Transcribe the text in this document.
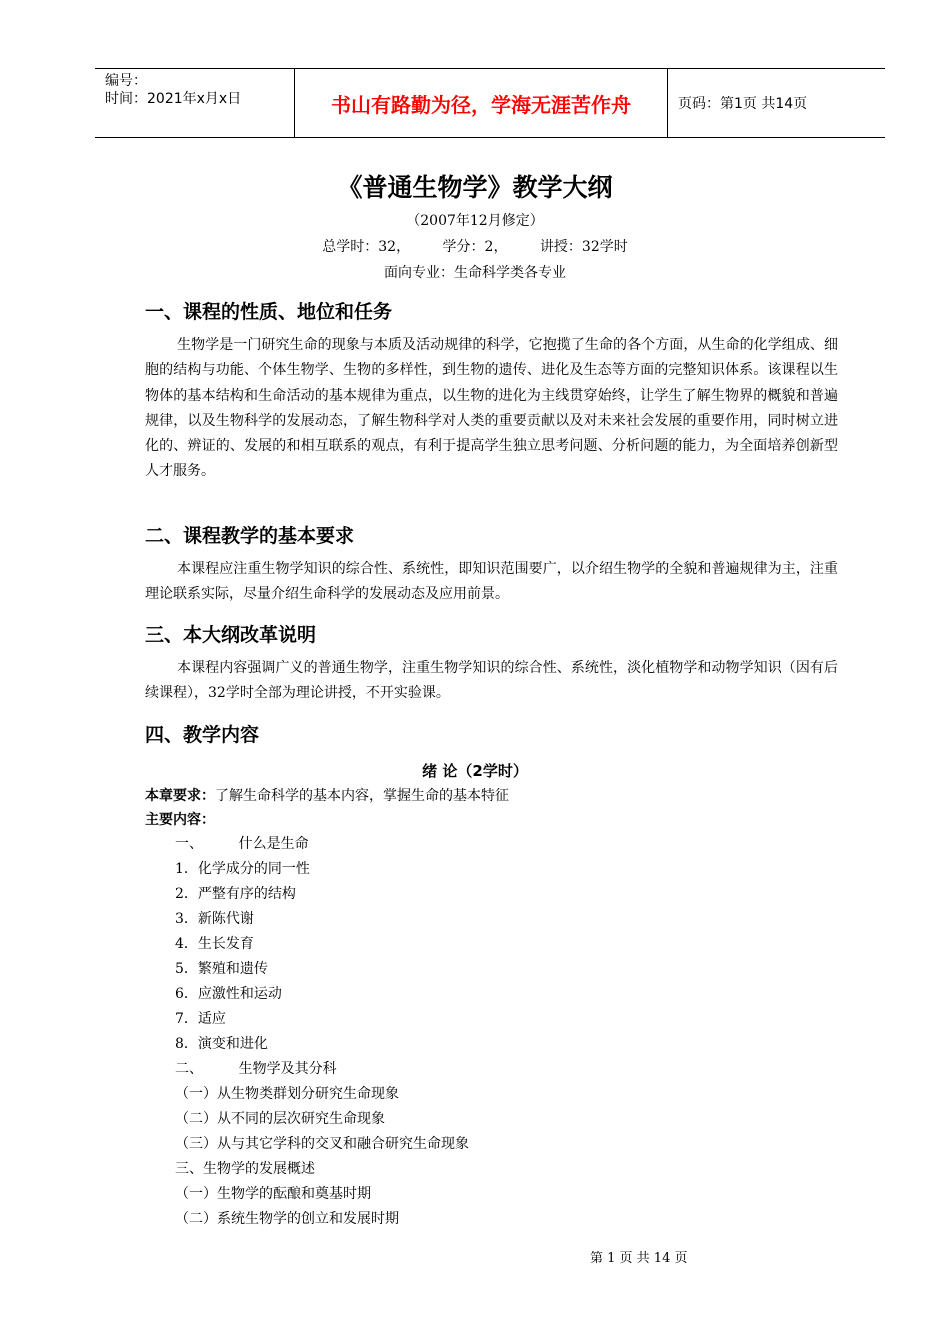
编号：
时间：2021年x月x日	书山有路勤为径，学海无涯苦作舟	页码：第1页 共14页
《普通生物学》教学大纲
（2007年12月修定）
总学时：32， 学分：2， 讲授：32学时
面向专业：生命科学类各专业
一、课程的性质、地位和任务

生物学是一门研究生命的现象与本质及活动规律的科学，它抱揽了生命的各个方面，从生命的化学组成、细胞的结构与功能、个体生物学、生物的多样性，到生物的遗传、进化及生态等方面的完整知识体系。该课程以生物体的基本结构和生命活动的基本规律为重点，以生物的进化为主线贯穿始终，让学生了解生物界的概貌和普遍规律，以及生物科学的发展动态，了解生物科学对人类的重要贡献以及对未来社会发展的重要作用，同时树立进化的、辨证的、发展的和相互联系的观点，有利于提高学生独立思考问题、分析问题的能力，为全面培养创新型人才服务。

二、课程教学的基本要求

本课程应注重生物学知识的综合性、系统性，即知识范围要广，以介绍生物学的全貌和普遍规律为主，注重理论联系实际，尽量介绍生命科学的发展动态及应用前景。

三、本大纲改革说明

本课程内容强调广义的普通生物学，注重生物学知识的综合性、系统性，淡化植物学和动物学知识（因有后续课程），32学时全部为理论讲授，不开实验课。

四、教学内容
绪 论（2学时）
本章要求：了解生命科学的基本内容，掌握生命的基本特征
主要内容：
一、        什么是生命
1．化学成分的同一性
2．严整有序的结构
3．新陈代谢
4．生长发育
5．繁殖和遗传
6．应激性和运动
7．适应
8．演变和进化
二、        生物学及其分科
（一）从生物类群划分研究生命现象
（二）从不同的层次研究生命现象
（三）从与其它学科的交叉和融合研究生命现象
三、生物学的发展概述
（一）生物学的酝酿和奠基时期
（二）系统生物学的创立和发展时期
第 1 页 共 14 页
